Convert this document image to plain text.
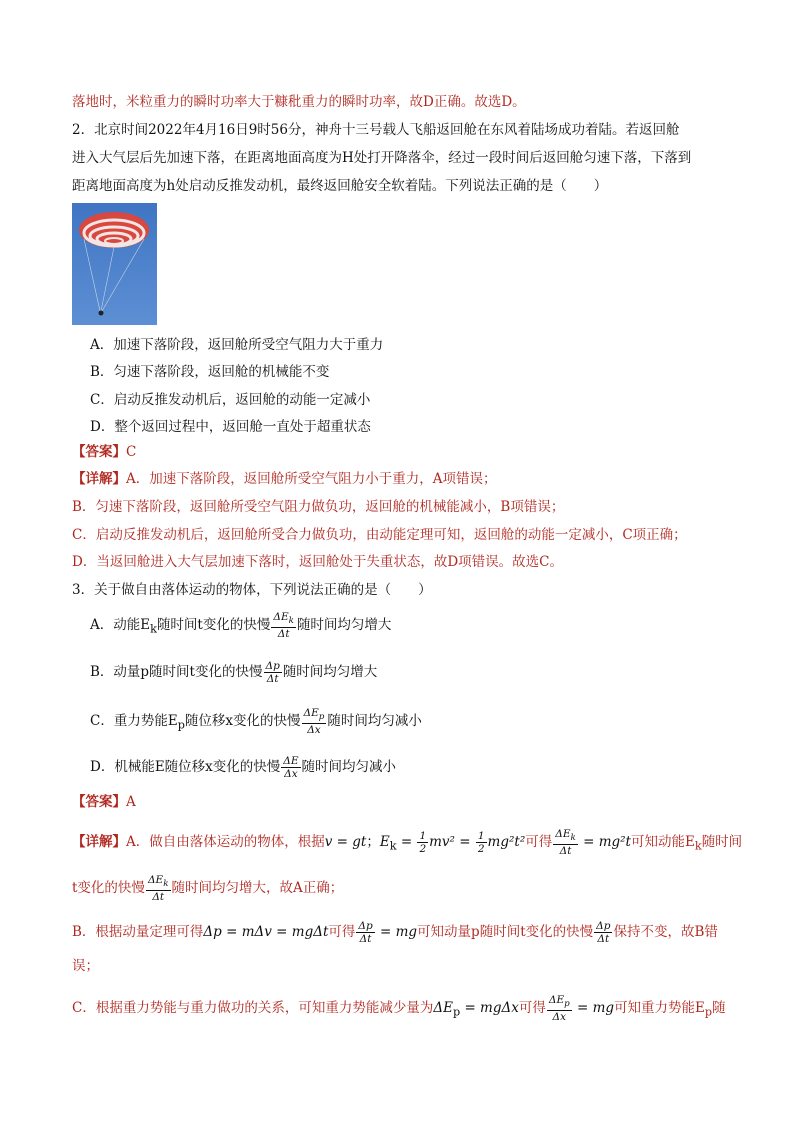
落地时，米粒重力的瞬时功率大于糠秕重力的瞬时功率，故D正确。故选D。
2．北京时间2022年4月16日9时56分，神舟十三号载人飞船返回舱在东风着陆场成功着陆。若返回舱
进入大气层后先加速下落，在距离地面高度为H处打开降落伞，经过一段时间后返回舱匀速下落，下落到
距离地面高度为h处启动反推发动机，最终返回舱安全软着陆。下列说法正确的是（　　）
A．加速下落阶段，返回舱所受空气阻力大于重力
B．匀速下落阶段，返回舱的机械能不变
C．启动反推发动机后，返回舱的动能一定减小
D．整个返回过程中，返回舱一直处于超重状态
【答案】C
【详解】A．加速下落阶段，返回舱所受空气阻力小于重力，A项错误；
B．匀速下落阶段，返回舱所受空气阻力做负功，返回舱的机械能减小，B项错误；
C．启动反推发动机后，返回舱所受合力做负功，由动能定理可知，返回舱的动能一定减小，C项正确；
D．当返回舱进入大气层加速下落时，返回舱处于失重状态，故D项错误。故选C。
3．关于做自由落体运动的物体，下列说法正确的是（　　）
A．动能$E_k$随时间t变化的快慢 $\frac{\Delta E_k}{\Delta t}$ 随时间均匀增大
B．动量p随时间t变化的快慢 $\frac{\Delta p}{\Delta t}$ 随时间均匀增大
C．重力势能$E_p$随位移x变化的快慢 $\frac{\Delta E_p}{\Delta x}$ 随时间均匀减小
D．机械能E随位移x变化的快慢 $\frac{\Delta E}{\Delta x}$ 随时间均匀减小
【答案】A
【详解】A．做自由落体运动的物体，根据v = gt；$E_k = \frac{1}{2} mv^2 = \frac{1}{2} mg^2t^2$可得 $\frac{\Delta E_k}{\Delta t} = mg^2t$可知动能$E_k$随时间
t变化的快慢 $\frac{\Delta E_k}{\Delta t}$ 随时间均匀增大，故A正确；
B．根据动量定理可得Δp = mΔv = mgΔt可得 $\frac{\Delta p}{\Delta t}$ = mg可知动量p随时间t变化的快慢 $\frac{\Delta p}{\Delta t}$ 保持不变，故B错
误；
C．根据重力势能与重力做功的关系，可知重力势能减少量为$\Delta E_p = mg\Delta x$可得 $\frac{\Delta E_p}{\Delta x}$ = mg可知重力势能$E_p$随
